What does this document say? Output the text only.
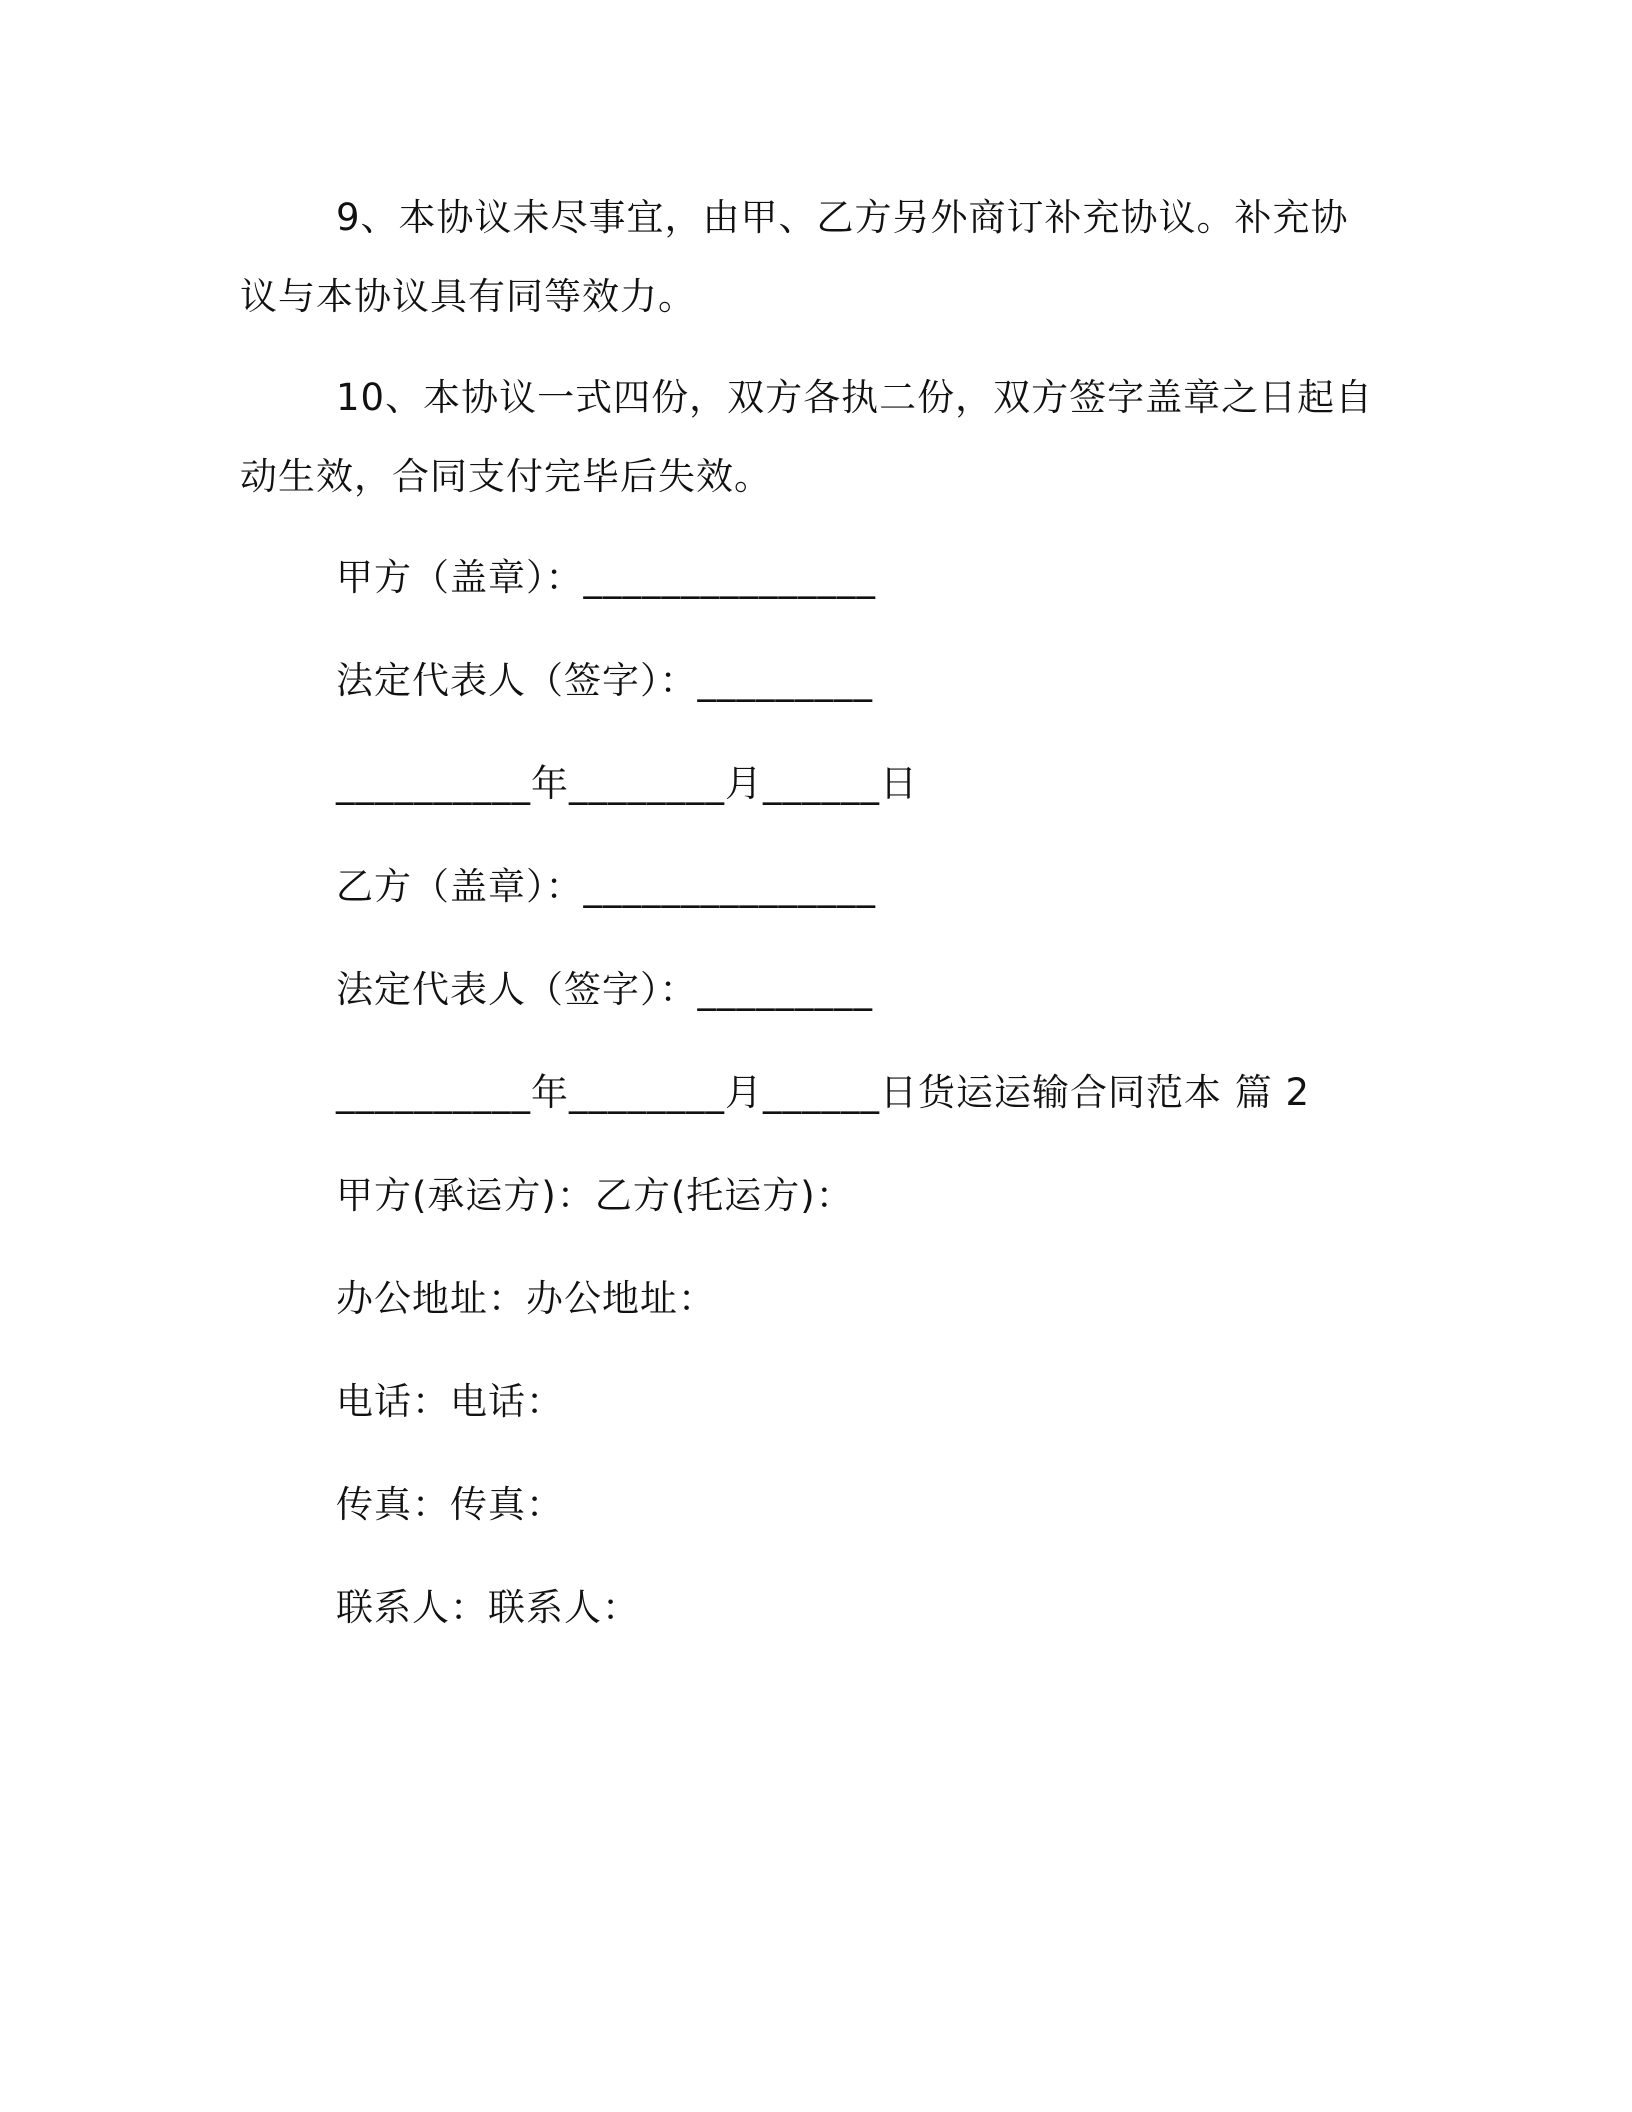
9、本协议未尽事宜，由甲、乙方另外商订补充协议。补充协议与本协议具有同等效力。

10、本协议一式四份，双方各执二份，双方签字盖章之日起自动生效，合同支付完毕后失效。

甲方（盖章）：_______________

法定代表人（签字）：_________

__________年________月______日

乙方（盖章）：_______________

法定代表人（签字）：_________

__________年________月______日货运运输合同范本 篇 2

甲方(承运方)：乙方(托运方)：

办公地址：办公地址：

电话：电话：

传真：传真：

联系人：联系人：
